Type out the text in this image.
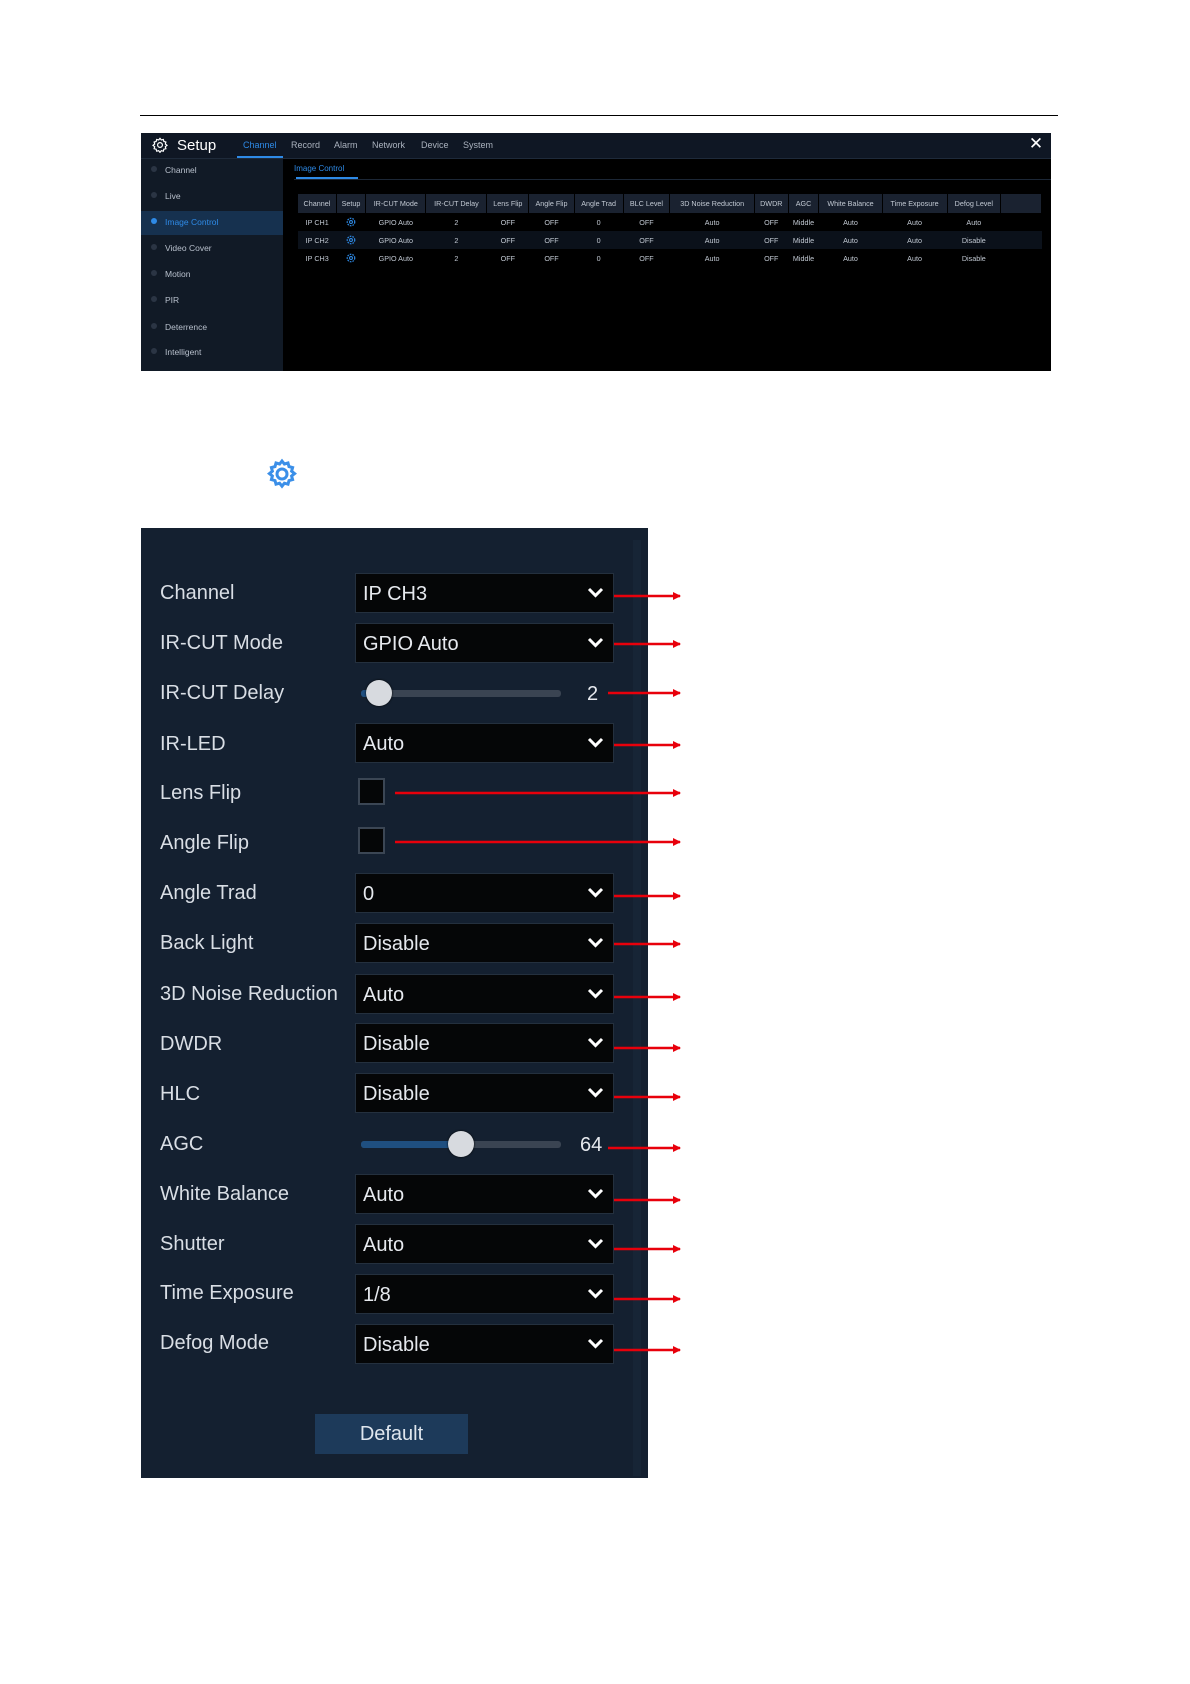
Setup	Channel Record Alarm Network Device System	✕
Channel
Live
Image Control
Video Cover
Motion
PIR
Deterrence
Intelligent
Image Control
Channel	Setup	IR-CUT Mode	IR-CUT Delay	Lens Flip	Angle Flip	Angle Trad	BLC Level	3D Noise Reduction	DWDR	AGC	White Balance	Time Exposure	Defog Level	
IP CH1		GPIO Auto	2	OFF	OFF	0	OFF	Auto	OFF	Middle	Auto	Auto	Auto	
IP CH2		GPIO Auto	2	OFF	OFF	0	OFF	Auto	OFF	Middle	Auto	Auto	Disable	
IP CH3		GPIO Auto	2	OFF	OFF	0	OFF	Auto	OFF	Middle	Auto	Auto	Disable	
Channel	IP CH3
IR-CUT Mode	GPIO Auto
IR-CUT Delay	2
IR-LED	Auto
Lens Flip
Angle Flip
Angle Trad	0
Back Light	Disable
3D Noise Reduction Auto
DWDR	Disable
HLC	Disable
AGC	64
White Balance	Auto
Shutter	Auto
Time Exposure	1/8
Defog Mode	Disable
Default
